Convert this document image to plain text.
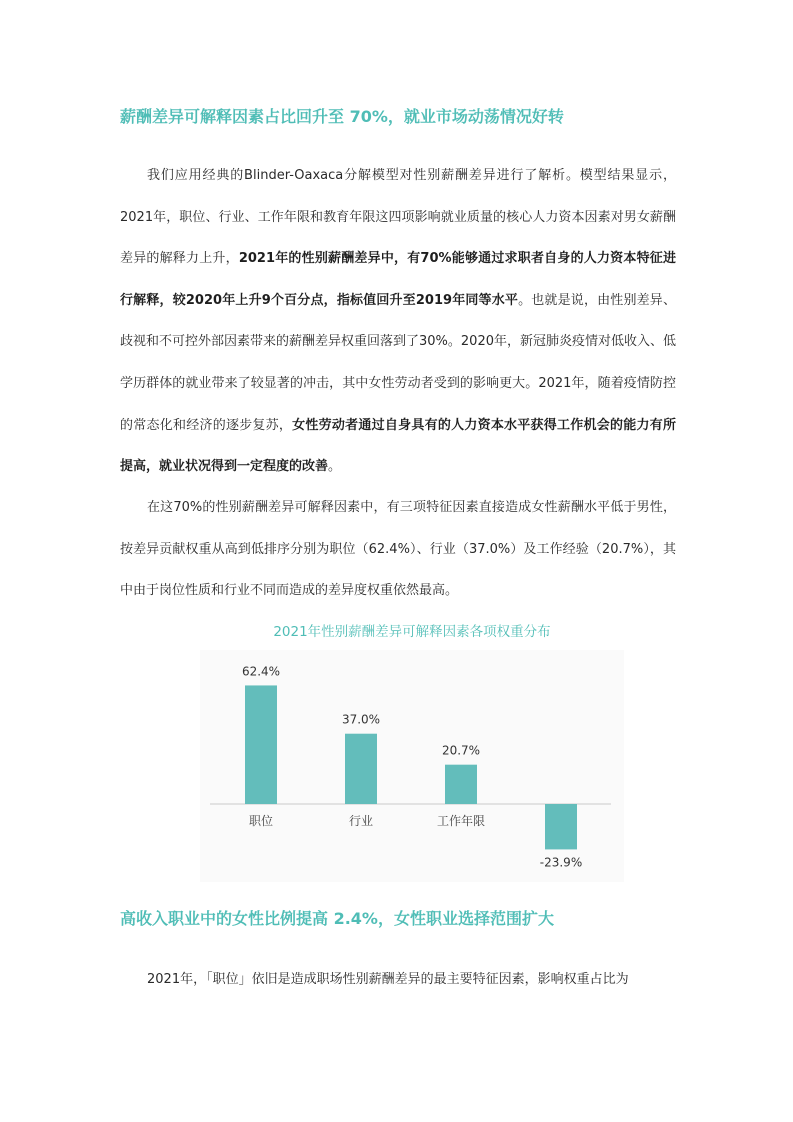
薪酬差异可解释因素占比回升至 70%，就业市场动荡情况好转

我们应用经典的Blinder-Oaxaca分解模型对性别薪酬差异进行了解析。模型结果显示，2021年，职位、行业、工作年限和教育年限这四项影响就业质量的核心人力资本因素对男女薪酬差异的解释力上升，2021年的性别薪酬差异中，有70%能够通过求职者自身的人力资本特征进行解释，较2020年上升9个百分点，指标值回升至2019年同等水平。也就是说，由性别差异、歧视和不可控外部因素带来的薪酬差异权重回落到了30%。2020年，新冠肺炎疫情对低收入、低学历群体的就业带来了较显著的冲击，其中女性劳动者受到的影响更大。2021年，随着疫情防控的常态化和经济的逐步复苏，女性劳动者通过自身具有的人力资本水平获得工作机会的能力有所提高，就业状况得到一定程度的改善。

在这70%的性别薪酬差异可解释因素中，有三项特征因素直接造成女性薪酬水平低于男性，按差异贡献权重从高到低排序分别为职位（62.4%）、行业（37.0%）及工作经验（20.7%），其中由于岗位性质和行业不同而造成的差异度权重依然最高。

2021年性别薪酬差异可解释因素各项权重分布
62.4%
职位
37.0%
行业
20.7%
工作年限
-23.9%
高收入职业中的女性比例提高 2.4%，女性职业选择范围扩大

2021年，「职位」依旧是造成职场性别薪酬差异的最主要特征因素，影响权重占比为
